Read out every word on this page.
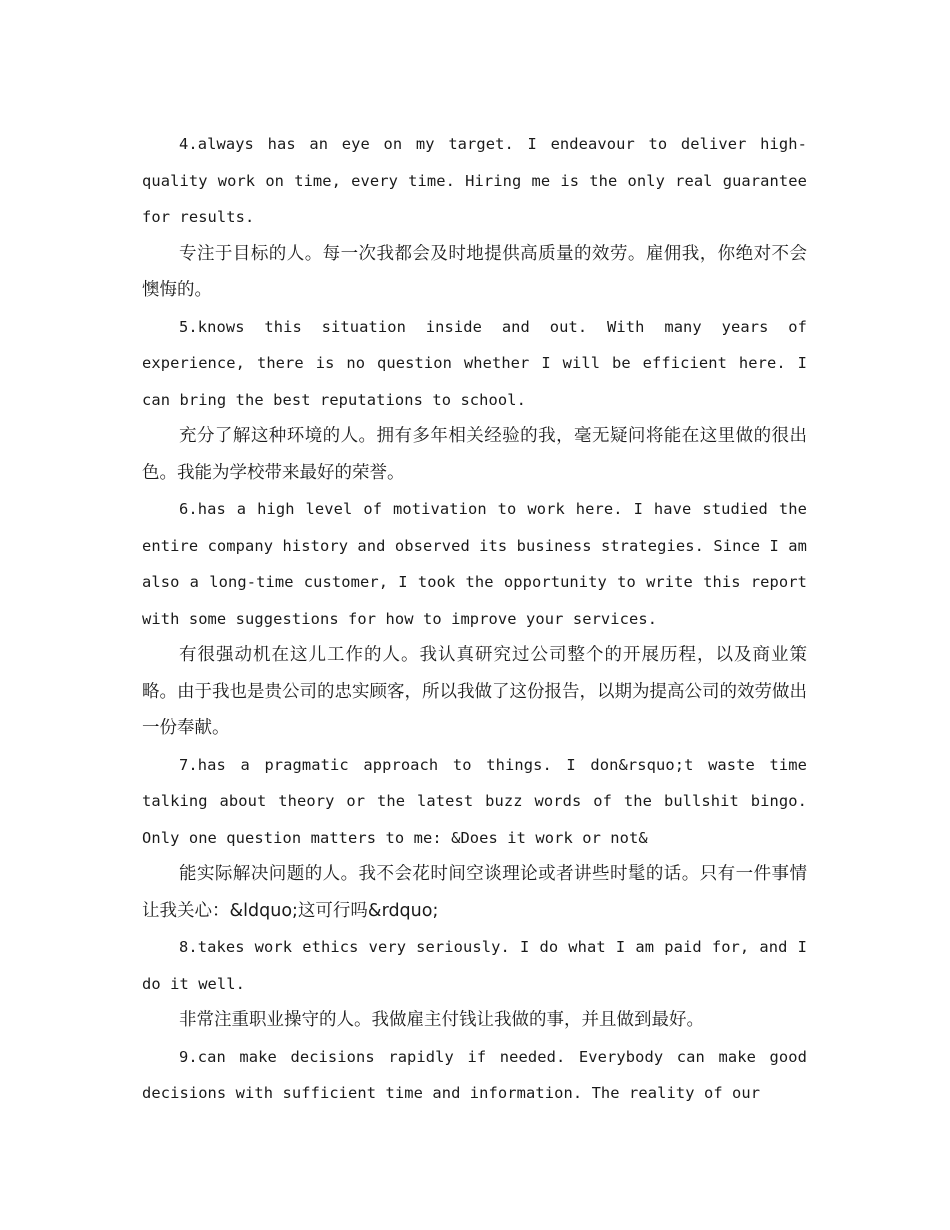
4.always has an eye on my target. I endeavour to deliver high-quality work on time, every time. Hiring me is the only real guarantee for results.

专注于目标的人。每一次我都会及时地提供高质量的效劳。雇佣我，你绝对不会懊悔的。

5.knows this situation inside and out. With many years of experience, there is no question whether I will be efficient here. I can bring the best reputations to school.

充分了解这种环境的人。拥有多年相关经验的我，毫无疑问将能在这里做的很出色。我能为学校带来最好的荣誉。

6.has a high level of motivation to work here. I have studied the entire company history and observed its business strategies. Since I am also a long-time customer, I took the opportunity to write this report with some suggestions for how to improve your services.

有很强动机在这儿工作的人。我认真研究过公司整个的开展历程，以及商业策略。由于我也是贵公司的忠实顾客，所以我做了这份报告，以期为提高公司的效劳做出一份奉献。

7.has a pragmatic approach to things. I don&rsquo;t waste time talking about theory or the latest buzz words of the bullshit bingo. Only one question matters to me: &Does it work or not&

能实际解决问题的人。我不会花时间空谈理论或者讲些时髦的话。只有一件事情让我关心：&ldquo;这可行吗&rdquo;

8.takes work ethics very seriously. I do what I am paid for, and I do it well.

非常注重职业操守的人。我做雇主付钱让我做的事，并且做到最好。

9.can make decisions rapidly if needed. Everybody can make good decisions with sufficient time and information. The reality of our
